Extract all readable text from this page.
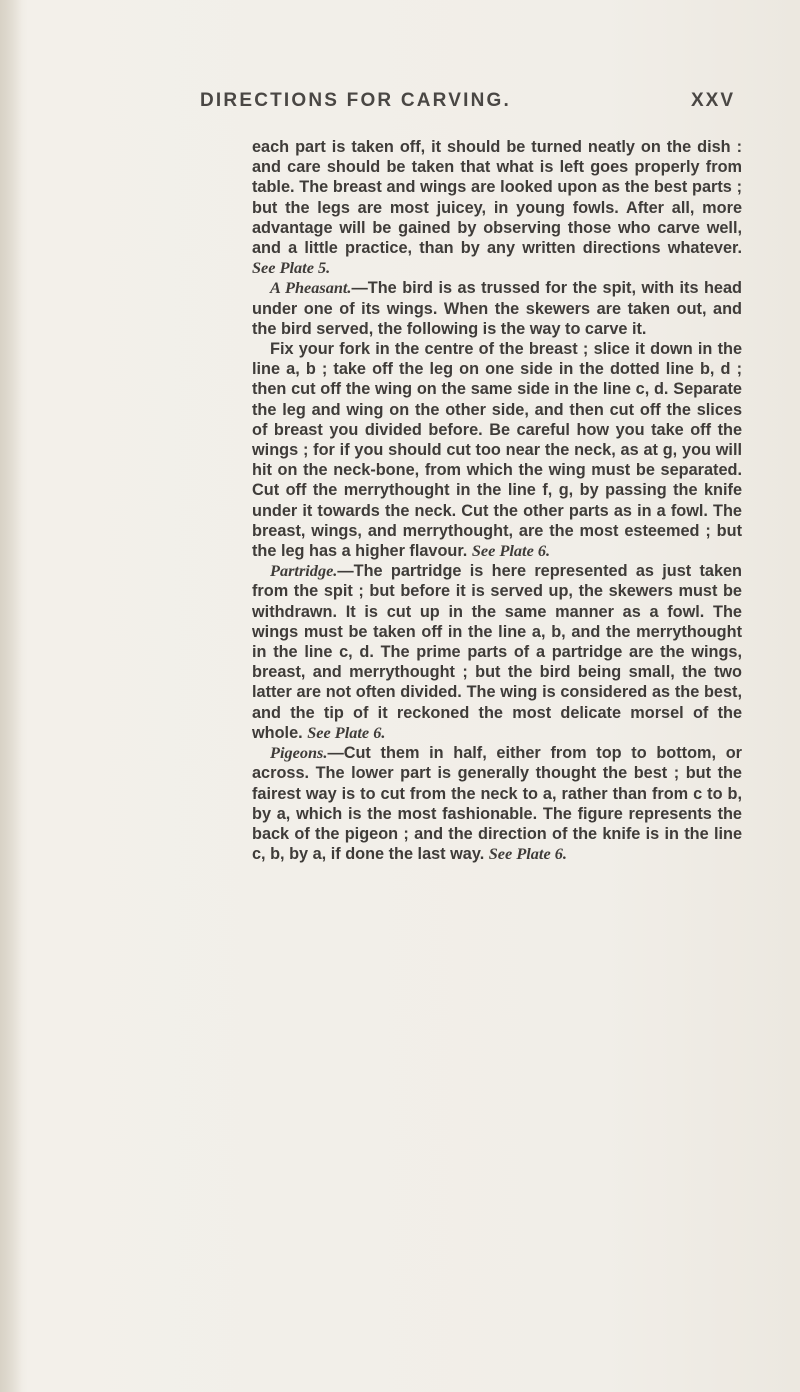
DIRECTIONS FOR CARVING.	XXV

each part is taken off, it should be turned neatly on the dish : and care should be taken that what is left goes properly from table. The breast and wings are looked upon as the best parts ; but the legs are most juicey, in young fowls. After all, more advantage will be gained by observing those who carve well, and a little practice, than by any written directions whatever. See Plate 5.

A Pheasant.—The bird is as trussed for the spit, with its head under one of its wings. When the skewers are taken out, and the bird served, the following is the way to carve it.

Fix your fork in the centre of the breast ; slice it down in the line a, b ; take off the leg on one side in the dotted line b, d ; then cut off the wing on the same side in the line c, d. Separate the leg and wing on the other side, and then cut off the slices of breast you divided before. Be careful how you take off the wings ; for if you should cut too near the neck, as at g, you will hit on the neck-bone, from which the wing must be separated. Cut off the merrythought in the line f, g, by passing the knife under it towards the neck. Cut the other parts as in a fowl. The breast, wings, and merrythought, are the most esteemed ; but the leg has a higher flavour. See Plate 6.

Partridge.—The partridge is here represented as just taken from the spit ; but before it is served up, the skewers must be withdrawn. It is cut up in the same manner as a fowl. The wings must be taken off in the line a, b, and the merrythought in the line c, d. The prime parts of a partridge are the wings, breast, and merrythought ; but the bird being small, the two latter are not often divided. The wing is considered as the best, and the tip of it reckoned the most delicate morsel of the whole. See Plate 6.

Pigeons.—Cut them in half, either from top to bottom, or across. The lower part is generally thought the best ; but the fairest way is to cut from the neck to a, rather than from c to b, by a, which is the most fashionable. The figure represents the back of the pigeon ; and the direction of the knife is in the line c, b, by a, if done the last way. See Plate 6.
